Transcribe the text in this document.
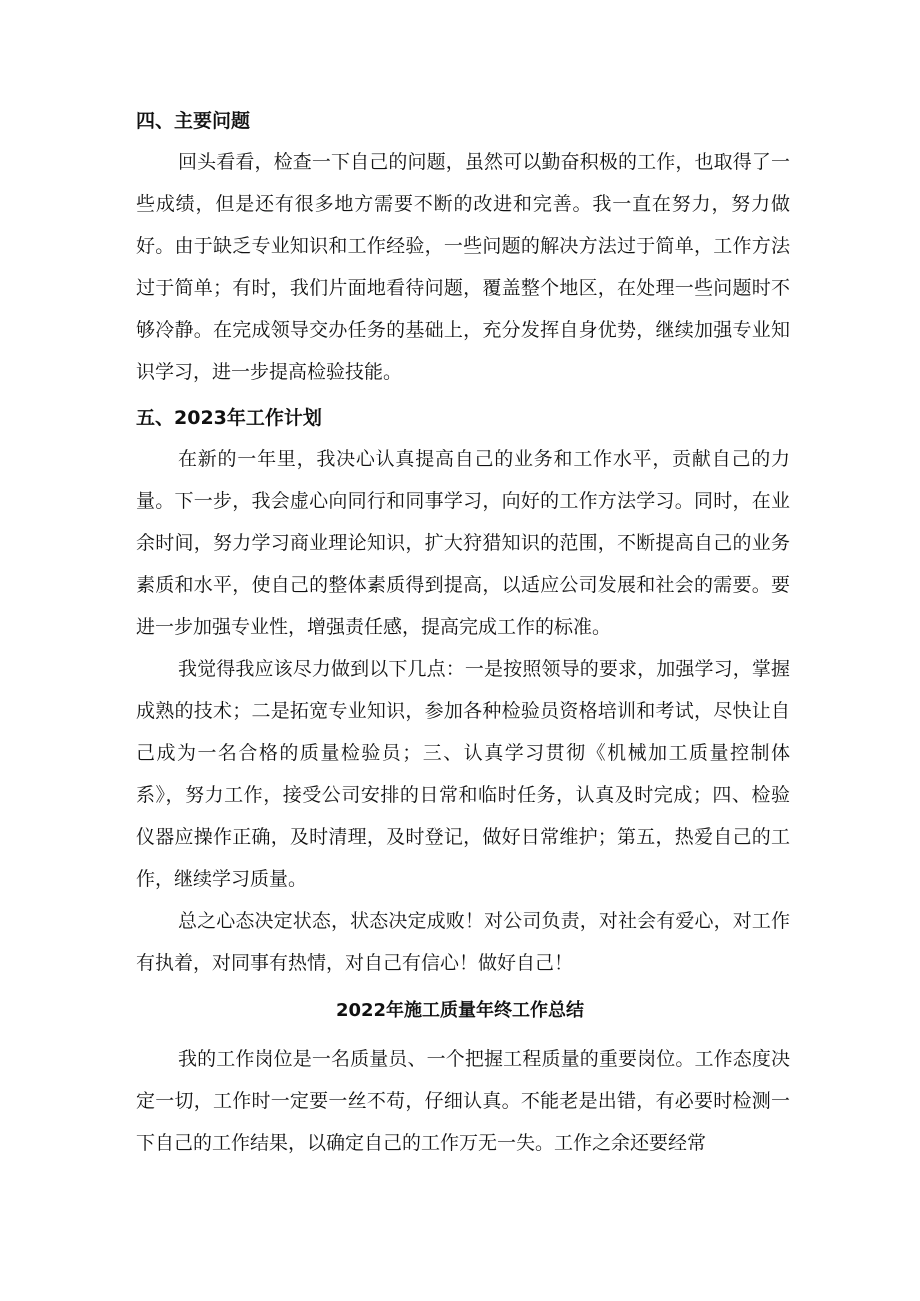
四、主要问题
回头看看，检查一下自己的问题，虽然可以勤奋积极的工作，也取得了一些成绩，但是还有很多地方需要不断的改进和完善。我一直在努力，努力做好。由于缺乏专业知识和工作经验，一些问题的解决方法过于简单，工作方法过于简单；有时，我们片面地看待问题，覆盖整个地区，在处理一些问题时不够冷静。在完成领导交办任务的基础上，充分发挥自身优势，继续加强专业知识学习，进一步提高检验技能。
五、2023年工作计划
在新的一年里，我决心认真提高自己的业务和工作水平，贡献自己的力量。下一步，我会虚心向同行和同事学习，向好的工作方法学习。同时，在业余时间，努力学习商业理论知识，扩大狩猎知识的范围，不断提高自己的业务素质和水平，使自己的整体素质得到提高，以适应公司发展和社会的需要。要进一步加强专业性，增强责任感，提高完成工作的标准。
我觉得我应该尽力做到以下几点：一是按照领导的要求，加强学习，掌握成熟的技术；二是拓宽专业知识，参加各种检验员资格培训和考试，尽快让自己成为一名合格的质量检验员；三、认真学习贯彻《机械加工质量控制体系》，努力工作，接受公司安排的日常和临时任务，认真及时完成；四、检验仪器应操作正确，及时清理，及时登记，做好日常维护；第五，热爱自己的工作，继续学习质量。
总之心态决定状态，状态决定成败！对公司负责，对社会有爱心，对工作有执着，对同事有热情，对自己有信心！做好自己！
2022年施工质量年终工作总结
我的工作岗位是一名质量员、一个把握工程质量的重要岗位。工作态度决定一切，工作时一定要一丝不苟，仔细认真。不能老是出错，有必要时检测一下自己的工作结果，以确定自己的工作万无一失。工作之余还要经常
